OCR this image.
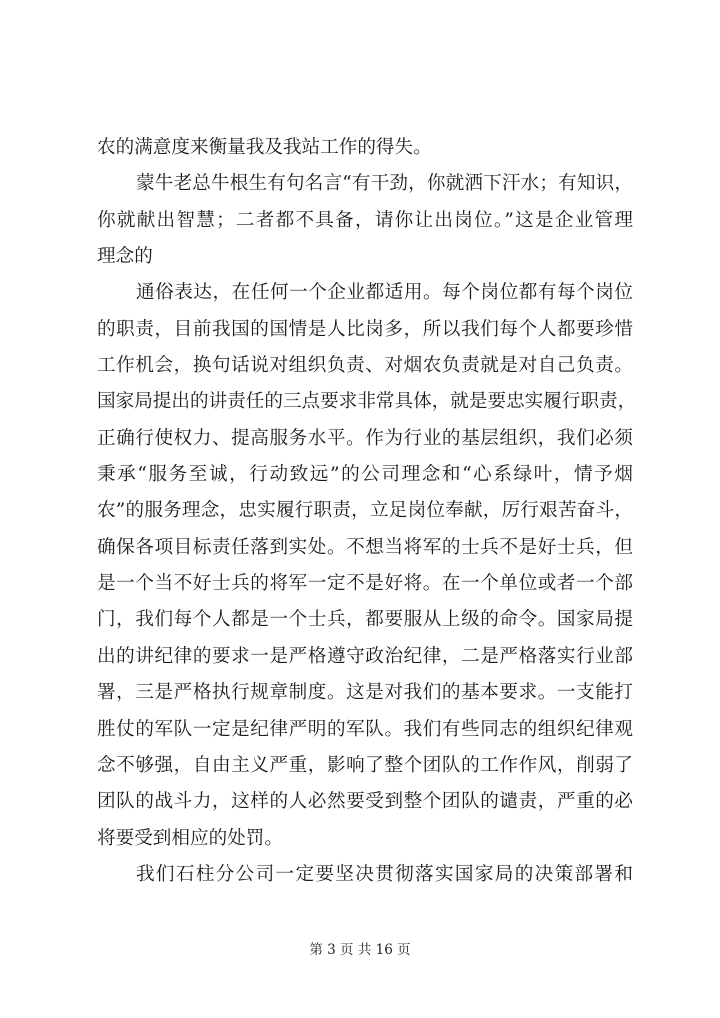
农的满意度来衡量我及我站工作的得失。
蒙牛老总牛根生有句名言“有干劲，你就洒下汗水；有知识，
你就献出智慧；二者都不具备，请你让出岗位。”这是企业管理
理念的
通俗表达，在任何一个企业都适用。每个岗位都有每个岗位
的职责，目前我国的国情是人比岗多，所以我们每个人都要珍惜
工作机会，换句话说对组织负责、对烟农负责就是对自己负责。
国家局提出的讲责任的三点要求非常具体，就是要忠实履行职责，
正确行使权力、提高服务水平。作为行业的基层组织，我们必须
秉承“服务至诚，行动致远”的公司理念和“心系绿叶，情予烟
农”的服务理念，忠实履行职责，立足岗位奉献，厉行艰苦奋斗，
确保各项目标责任落到实处。不想当将军的士兵不是好士兵，但
是一个当不好士兵的将军一定不是好将。在一个单位或者一个部
门，我们每个人都是一个士兵，都要服从上级的命令。国家局提
出的讲纪律的要求一是严格遵守政治纪律，二是严格落实行业部
署，三是严格执行规章制度。这是对我们的基本要求。一支能打
胜仗的军队一定是纪律严明的军队。我们有些同志的组织纪律观
念不够强，自由主义严重，影响了整个团队的工作作风，削弱了
团队的战斗力，这样的人必然要受到整个团队的谴责，严重的必
将要受到相应的处罚。
我们石柱分公司一定要坚决贯彻落实国家局的决策部署和
第 3 页 共 16 页
